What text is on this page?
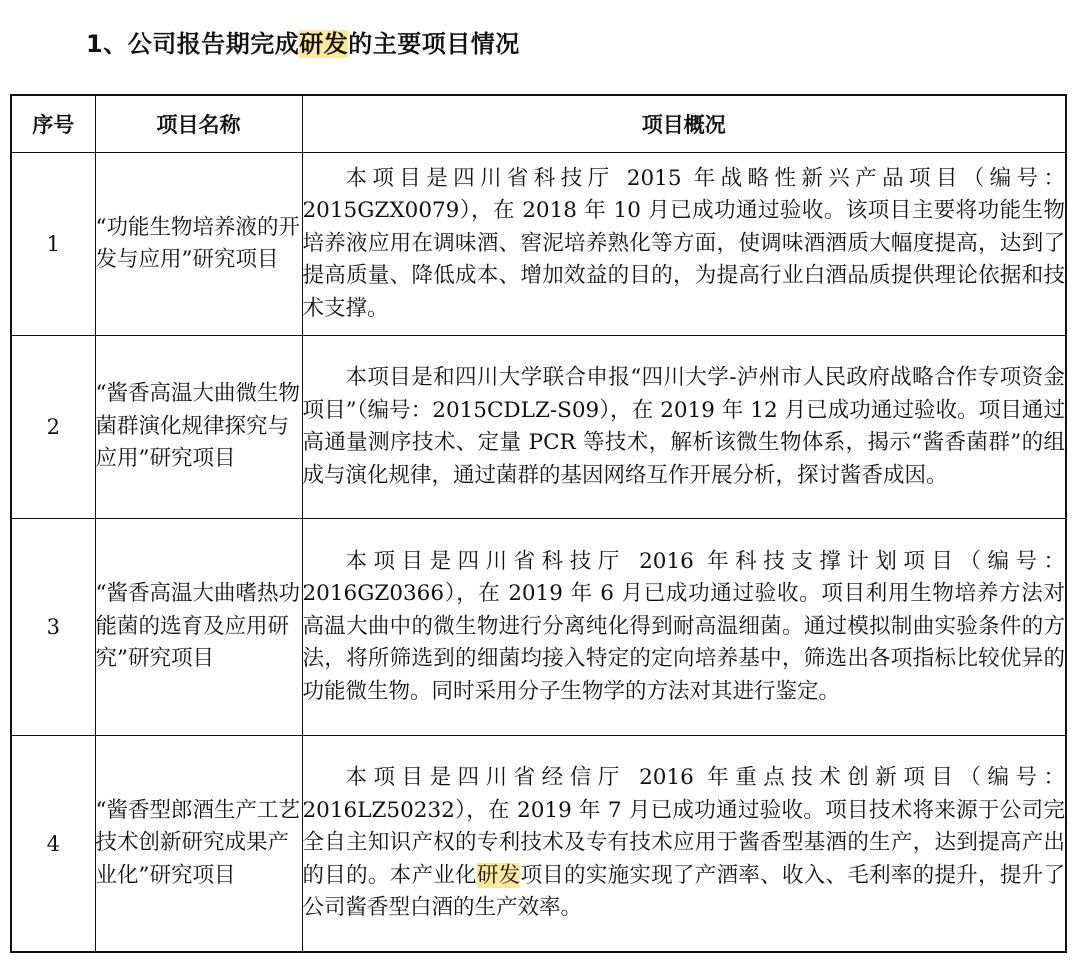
1、公司报告期完成研发的主要项目情况
序号	项目名称	项目概况
1	“功能生物培养液的开发与应用”研究项目	本项目是四川省科技厅 2015 年战略性新兴产品项目（编号：2015GZX0079），在 2018 年 10 月已成功通过验收。该项目主要将功能生物培养液应用在调味酒、窖泥培养熟化等方面，使调味酒酒质大幅度提高，达到了提高质量、降低成本、增加效益的目的，为提高行业白酒品质提供理论依据和技术支撑。
2	“酱香高温大曲微生物菌群演化规律探究与应用”研究项目	本项目是和四川大学联合申报“四川大学-泸州市人民政府战略合作专项资金项目”（编号：2015CDLZ-S09），在 2019 年 12 月已成功通过验收。项目通过高通量测序技术、定量 PCR 等技术，解析该微生物体系，揭示“酱香菌群”的组成与演化规律，通过菌群的基因网络互作开展分析，探讨酱香成因。
3	“酱香高温大曲嗜热功能菌的选育及应用研究”研究项目	本项目是四川省科技厅 2016 年科技支撑计划项目（编号：2016GZ0366），在 2019 年 6 月已成功通过验收。项目利用生物培养方法对高温大曲中的微生物进行分离纯化得到耐高温细菌。通过模拟制曲实验条件的方法，将所筛选到的细菌均接入特定的定向培养基中，筛选出各项指标比较优异的功能微生物。同时采用分子生物学的方法对其进行鉴定。
4	“酱香型郎酒生产工艺技术创新研究成果产业化”研究项目	本项目是四川省经信厅 2016 年重点技术创新项目（编号：2016LZ50232），在 2019 年 7 月已成功通过验收。项目技术将来源于公司完全自主知识产权的专利技术及专有技术应用于酱香型基酒的生产，达到提高产出的目的。本产业化研发项目的实施实现了产酒率、收入、毛利率的提升，提升了公司酱香型白酒的生产效率。
